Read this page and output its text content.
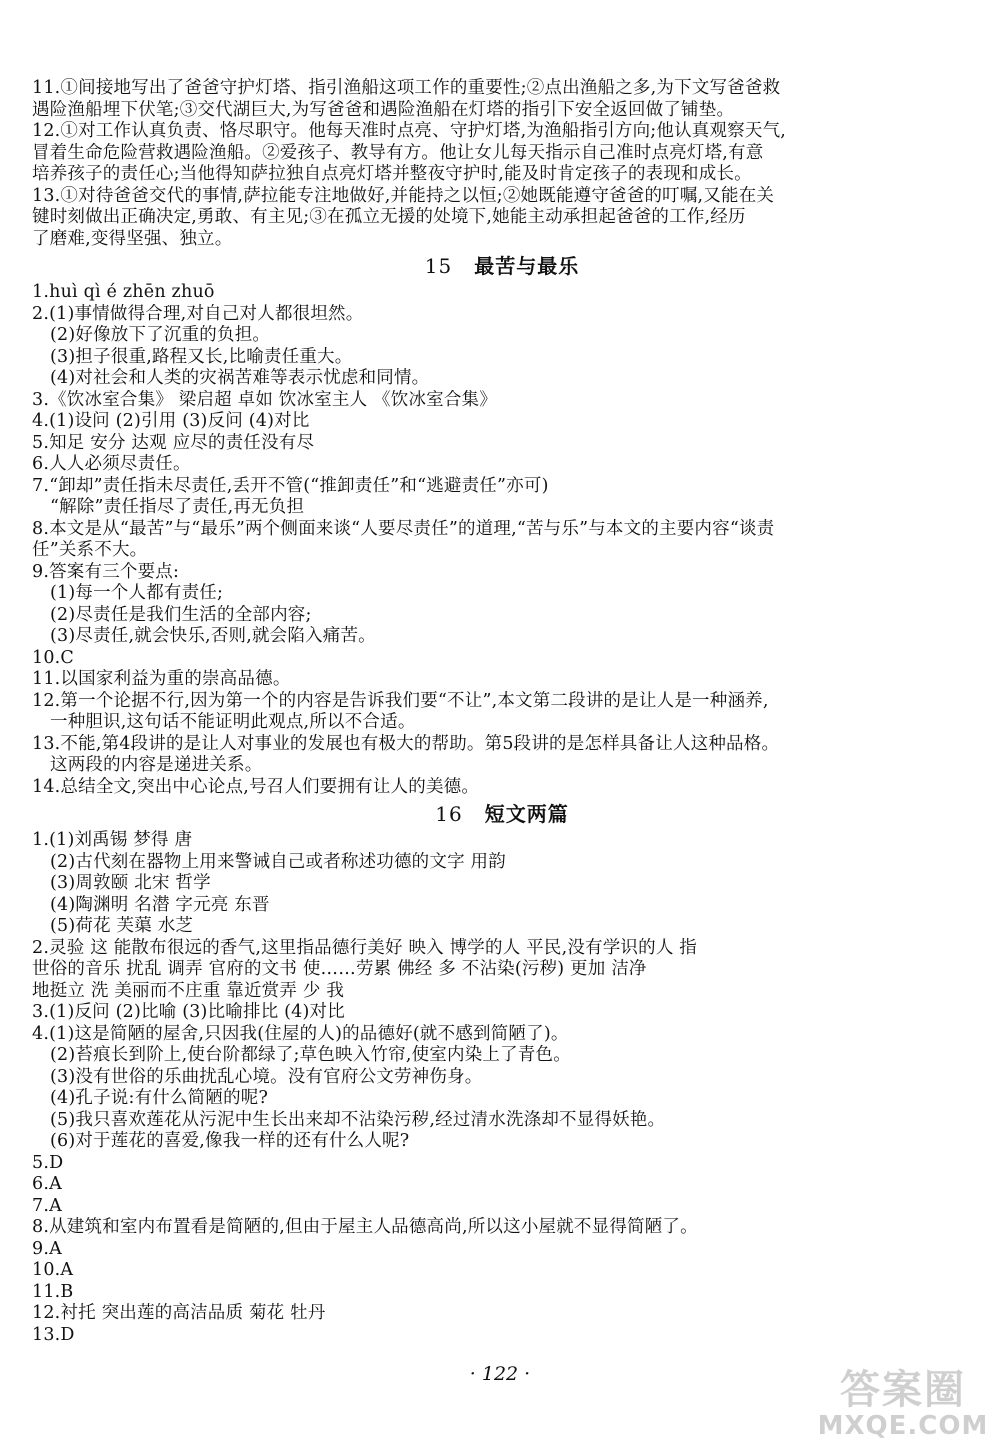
11.①间接地写出了爸爸守护灯塔、指引渔船这项工作的重要性;②点出渔船之多,为下文写爸爸救

遇险渔船埋下伏笔;③交代湖巨大,为写爸爸和遇险渔船在灯塔的指引下安全返回做了铺垫。

12.①对工作认真负责、恪尽职守。他每天准时点亮、守护灯塔,为渔船指引方向;他认真观察天气,

冒着生命危险营救遇险渔船。②爱孩子、教导有方。他让女儿每天指示自己准时点亮灯塔,有意

培养孩子的责任心;当他得知萨拉独自点亮灯塔并整夜守护时,能及时肯定孩子的表现和成长。

13.①对待爸爸交代的事情,萨拉能专注地做好,并能持之以恒;②她既能遵守爸爸的叮嘱,又能在关

键时刻做出正确决定,勇敢、有主见;③在孤立无援的处境下,她能主动承担起爸爸的工作,经历

了磨难,变得坚强、独立。

15 最苦与最乐

1.huì qì é zhēn zhuō

2.(1)事情做得合理,对自己对人都很坦然。

(2)好像放下了沉重的负担。

(3)担子很重,路程又长,比喻责任重大。

(4)对社会和人类的灾祸苦难等表示忧虑和同情。

3.《饮冰室合集》 梁启超 卓如 饮冰室主人 《饮冰室合集》

4.(1)设问 (2)引用 (3)反问 (4)对比

5.知足 安分 达观 应尽的责任没有尽

6.人人必须尽责任。

7.“卸却”责任指未尽责任,丢开不管(“推卸责任”和“逃避责任”亦可)

“解除”责任指尽了责任,再无负担

8.本文是从“最苦”与“最乐”两个侧面来谈“人要尽责任”的道理,“苦与乐”与本文的主要内容“谈责

任”关系不大。

9.答案有三个要点:

(1)每一个人都有责任;

(2)尽责任是我们生活的全部内容;

(3)尽责任,就会快乐,否则,就会陷入痛苦。

10.C

11.以国家利益为重的崇高品德。

12.第一个论据不行,因为第一个的内容是告诉我们要“不让”,本文第二段讲的是让人是一种涵养,

一种胆识,这句话不能证明此观点,所以不合适。

13.不能,第4段讲的是让人对事业的发展也有极大的帮助。第5段讲的是怎样具备让人这种品格。

这两段的内容是递进关系。

14.总结全文,突出中心论点,号召人们要拥有让人的美德。

16 短文两篇

1.(1)刘禹锡 梦得 唐

(2)古代刻在器物上用来警诫自己或者称述功德的文字 用韵

(3)周敦颐 北宋 哲学

(4)陶渊明 名潜 字元亮 东晋

(5)荷花 芙蕖 水芝

2.灵验 这 能散布很远的香气,这里指品德行美好 映入 博学的人 平民,没有学识的人 指

世俗的音乐 扰乱 调弄 官府的文书 使……劳累 佛经 多 不沾染(污秽) 更加 洁净

地挺立 洗 美丽而不庄重 靠近赏弄 少 我

3.(1)反问 (2)比喻 (3)比喻排比 (4)对比

4.(1)这是简陋的屋舍,只因我(住屋的人)的品德好(就不感到简陋了)。

(2)苔痕长到阶上,使台阶都绿了;草色映入竹帘,使室内染上了青色。

(3)没有世俗的乐曲扰乱心境。没有官府公文劳神伤身。

(4)孔子说:有什么简陋的呢?

(5)我只喜欢莲花从污泥中生长出来却不沾染污秽,经过清水洗涤却不显得妖艳。

(6)对于莲花的喜爱,像我一样的还有什么人呢?

5.D

6.A

7.A

8.从建筑和室内布置看是简陋的,但由于屋主人品德高尚,所以这小屋就不显得简陋了。

9.A

10.A

11.B

12.衬托 突出莲的高洁品质 菊花 牡丹

13.D

· 122 ·	答案圈
MXQE.COM
